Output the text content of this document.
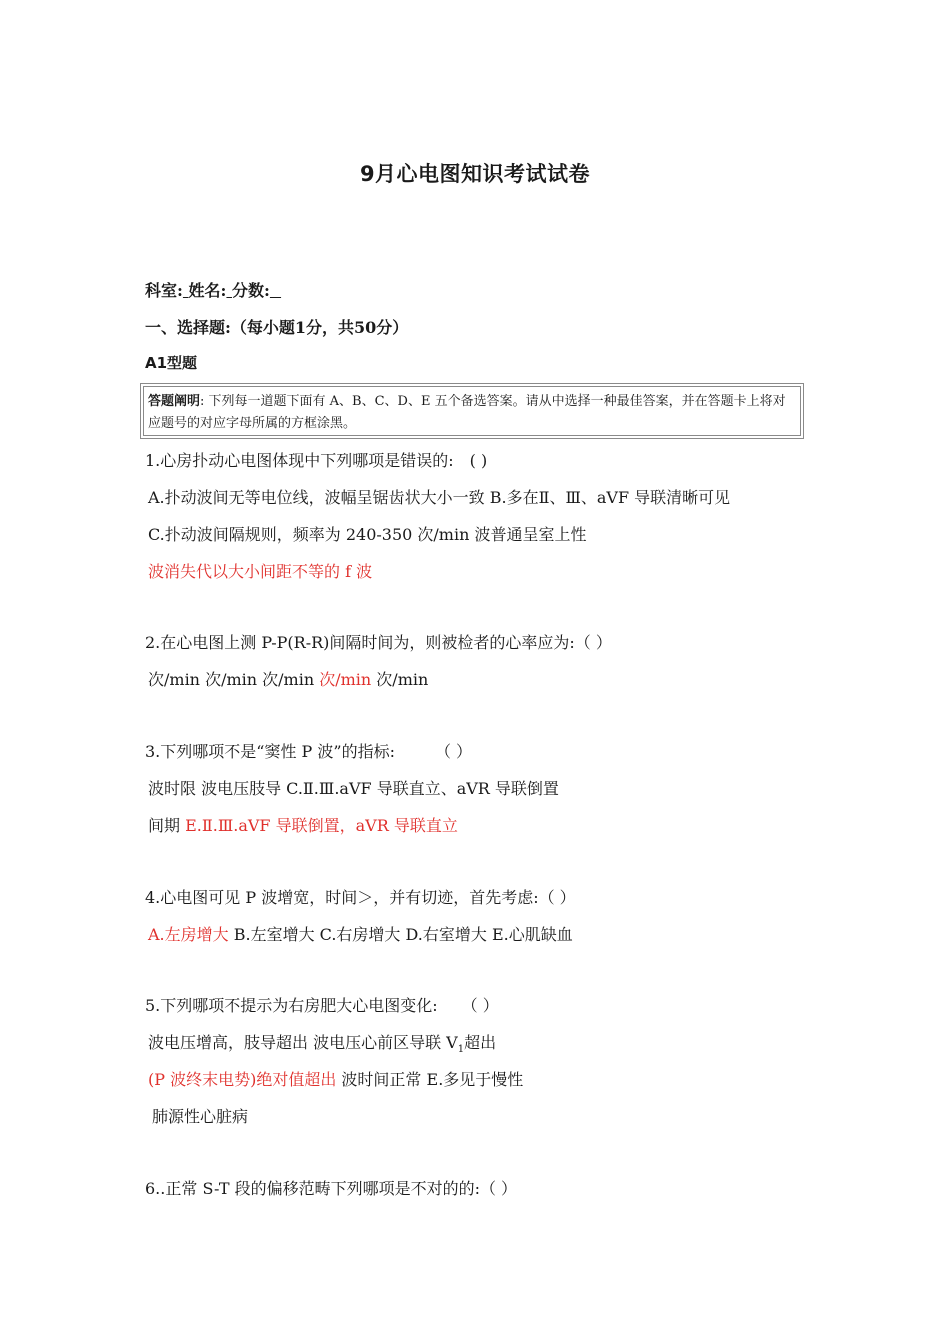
9月心电图知识考试试卷
科室: 姓名: 分数:
一、选择题:（每小题1分，共50分）
A1型题
答题阐明: 下列每一道题下面有 A、B、C、D、E 五个备选答案。请从中选择一种最佳答案，并在答题卡上将对应题号的对应字母所属的方框涂黑。
1.心房扑动心电图体现中下列哪项是错误的:　( )
A.扑动波间无等电位线，波幅呈锯齿状大小一致 B.多在Ⅱ、Ⅲ、aVF 导联清晰可见
C.扑动波间隔规则，频率为 240-350 次/min 波普通呈室上性
波消失代以大小间距不等的 f 波
2.在心电图上测 P-P(R-R)间隔时间为，则被检者的心率应为:（ ）
次/min 次/min 次/min 次/min 次/min
3.下列哪项不是“窦性 P 波”的指标:　　　（ ）
波时限 波电压肢导 C.Ⅱ.Ⅲ.aVF 导联直立、aVR 导联倒置
间期 E.Ⅱ.Ⅲ.aVF 导联倒置，aVR 导联直立
4.心电图可见 P 波增宽，时间＞，并有切迹，首先考虑:（ ）
A.左房增大 B.左室增大 C.右房增大 D.右室增大 E.心肌缺血
5.下列哪项不提示为右房肥大心电图变化:　　（ ）
波电压增高，肢导超出 波电压心前区导联 $V_1$超出
(P 波终末电势)绝对值超出 波时间正常 E.多见于慢性
肺源性心脏病
6..正常 S-T 段的偏移范畴下列哪项是不对的的:（ ）
